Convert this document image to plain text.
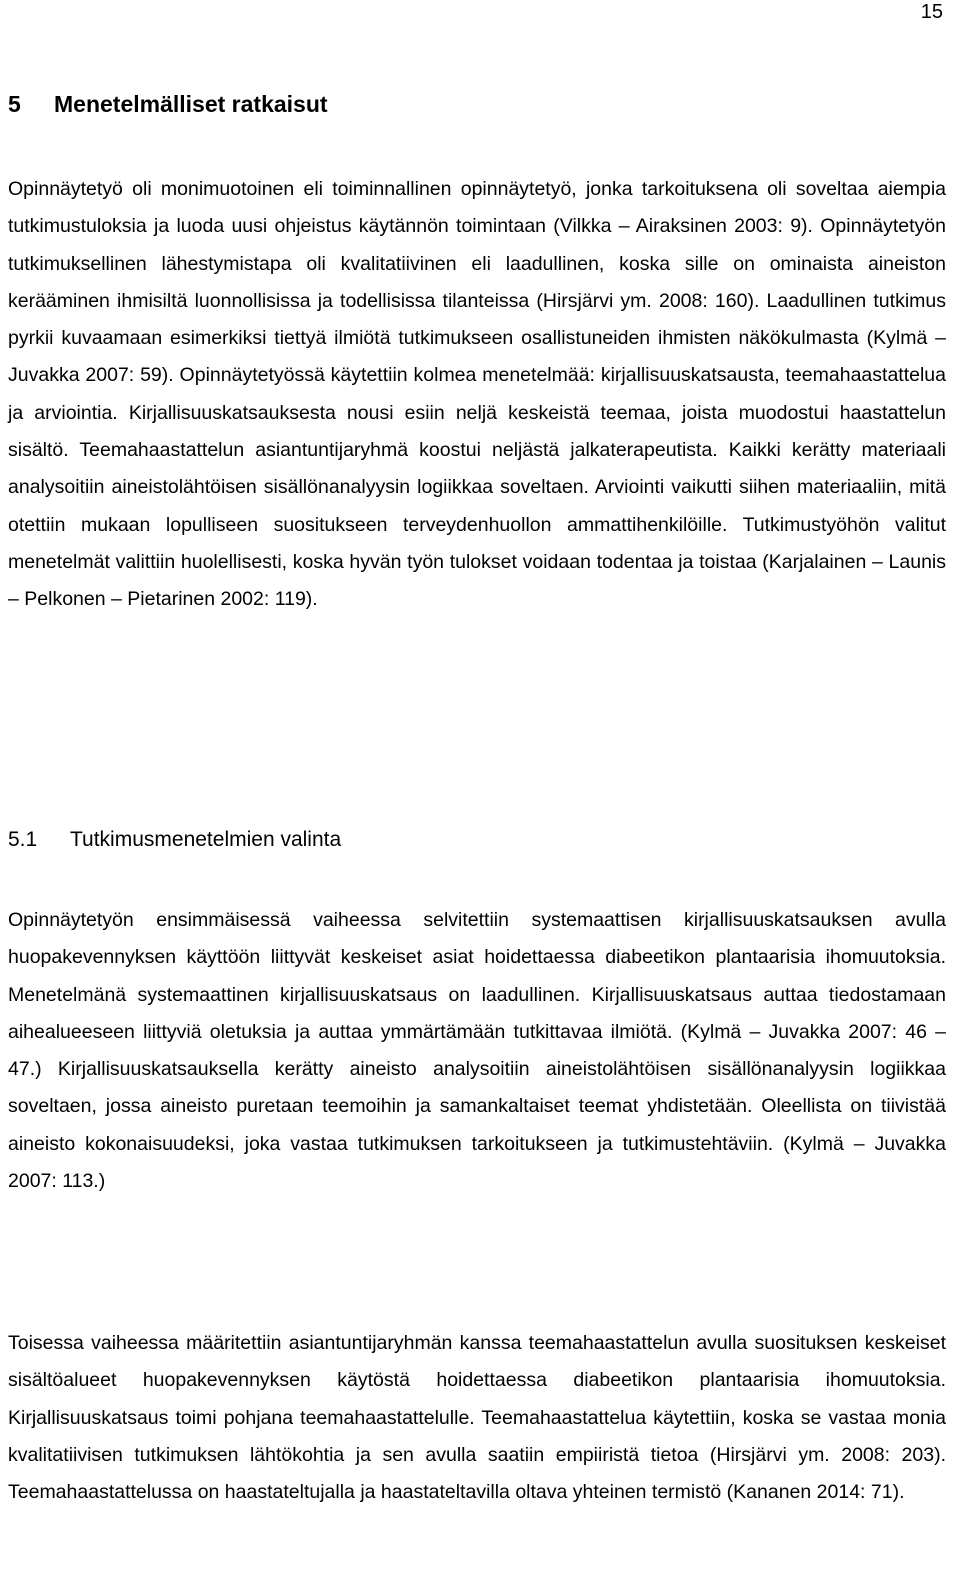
15
5 Menetelmälliset ratkaisut

Opinnäytetyö oli monimuotoinen eli toiminnallinen opinnäytetyö, jonka tarkoituksena oli soveltaa aiempia tutkimustuloksia ja luoda uusi ohjeistus käytännön toimintaan (Vilkka – Airaksinen 2003: 9). Opinnäytetyön tutkimuksellinen lähestymistapa oli kvalitatiivinen eli laadullinen, koska sille on ominaista aineiston kerääminen ihmisiltä luonnollisissa ja todellisissa tilanteissa (Hirsjärvi ym. 2008: 160). Laadullinen tutkimus pyrkii kuvaamaan esimerkiksi tiettyä ilmiötä tutkimukseen osallistuneiden ihmisten näkökulmasta (Kylmä – Juvakka 2007: 59). Opinnäytetyössä käytettiin kolmea menetelmää: kirjallisuuskatsausta, teemahaastattelua ja arviointia. Kirjallisuuskatsauksesta nousi esiin neljä keskeistä teemaa, joista muodostui haastattelun sisältö. Teemahaastattelun asiantuntijaryhmä koostui neljästä jalkaterapeutista. Kaikki kerätty materiaali analysoitiin aineistolähtöisen sisällönanalyysin logiikkaa soveltaen. Arviointi vaikutti siihen materiaaliin, mitä otettiin mukaan lopulliseen suositukseen terveydenhuollon ammattihenkilöille. Tutkimustyöhön valitut menetelmät valittiin huolellisesti, koska hyvän työn tulokset voidaan todentaa ja toistaa (Karjalainen – Launis – Pelkonen – Pietarinen 2002: 119).

5.1 Tutkimusmenetelmien valinta

Opinnäytetyön ensimmäisessä vaiheessa selvitettiin systemaattisen kirjallisuuskatsauksen avulla huopakevennyksen käyttöön liittyvät keskeiset asiat hoidettaessa diabeetikon plantaarisia ihomuutoksia. Menetelmänä systemaattinen kirjallisuuskatsaus on laadullinen. Kirjallisuuskatsaus auttaa tiedostamaan aihealueeseen liittyviä oletuksia ja auttaa ymmärtämään tutkittavaa ilmiötä. (Kylmä – Juvakka 2007: 46 – 47.) Kirjallisuuskatsauksella kerätty aineisto analysoitiin aineistolähtöisen sisällönanalyysin logiikkaa soveltaen, jossa aineisto puretaan teemoihin ja samankaltaiset teemat yhdistetään. Oleellista on tiivistää aineisto kokonaisuudeksi, joka vastaa tutkimuksen tarkoitukseen ja tutkimustehtäviin. (Kylmä – Juvakka 2007: 113.)

Toisessa vaiheessa määritettiin asiantuntijaryhmän kanssa teemahaastattelun avulla suosituksen keskeiset sisältöalueet huopakevennyksen käytöstä hoidettaessa diabeetikon plantaarisia ihomuutoksia. Kirjallisuuskatsaus toimi pohjana teemahaastattelulle. Teemahaastattelua käytettiin, koska se vastaa monia kvalitatiivisen tutkimuksen lähtökohtia ja sen avulla saatiin empiiristä tietoa (Hirsjärvi ym. 2008: 203). Teemahaastattelussa on haastateltujalla ja haastateltavilla oltava yhteinen termistö (Kananen 2014: 71).
